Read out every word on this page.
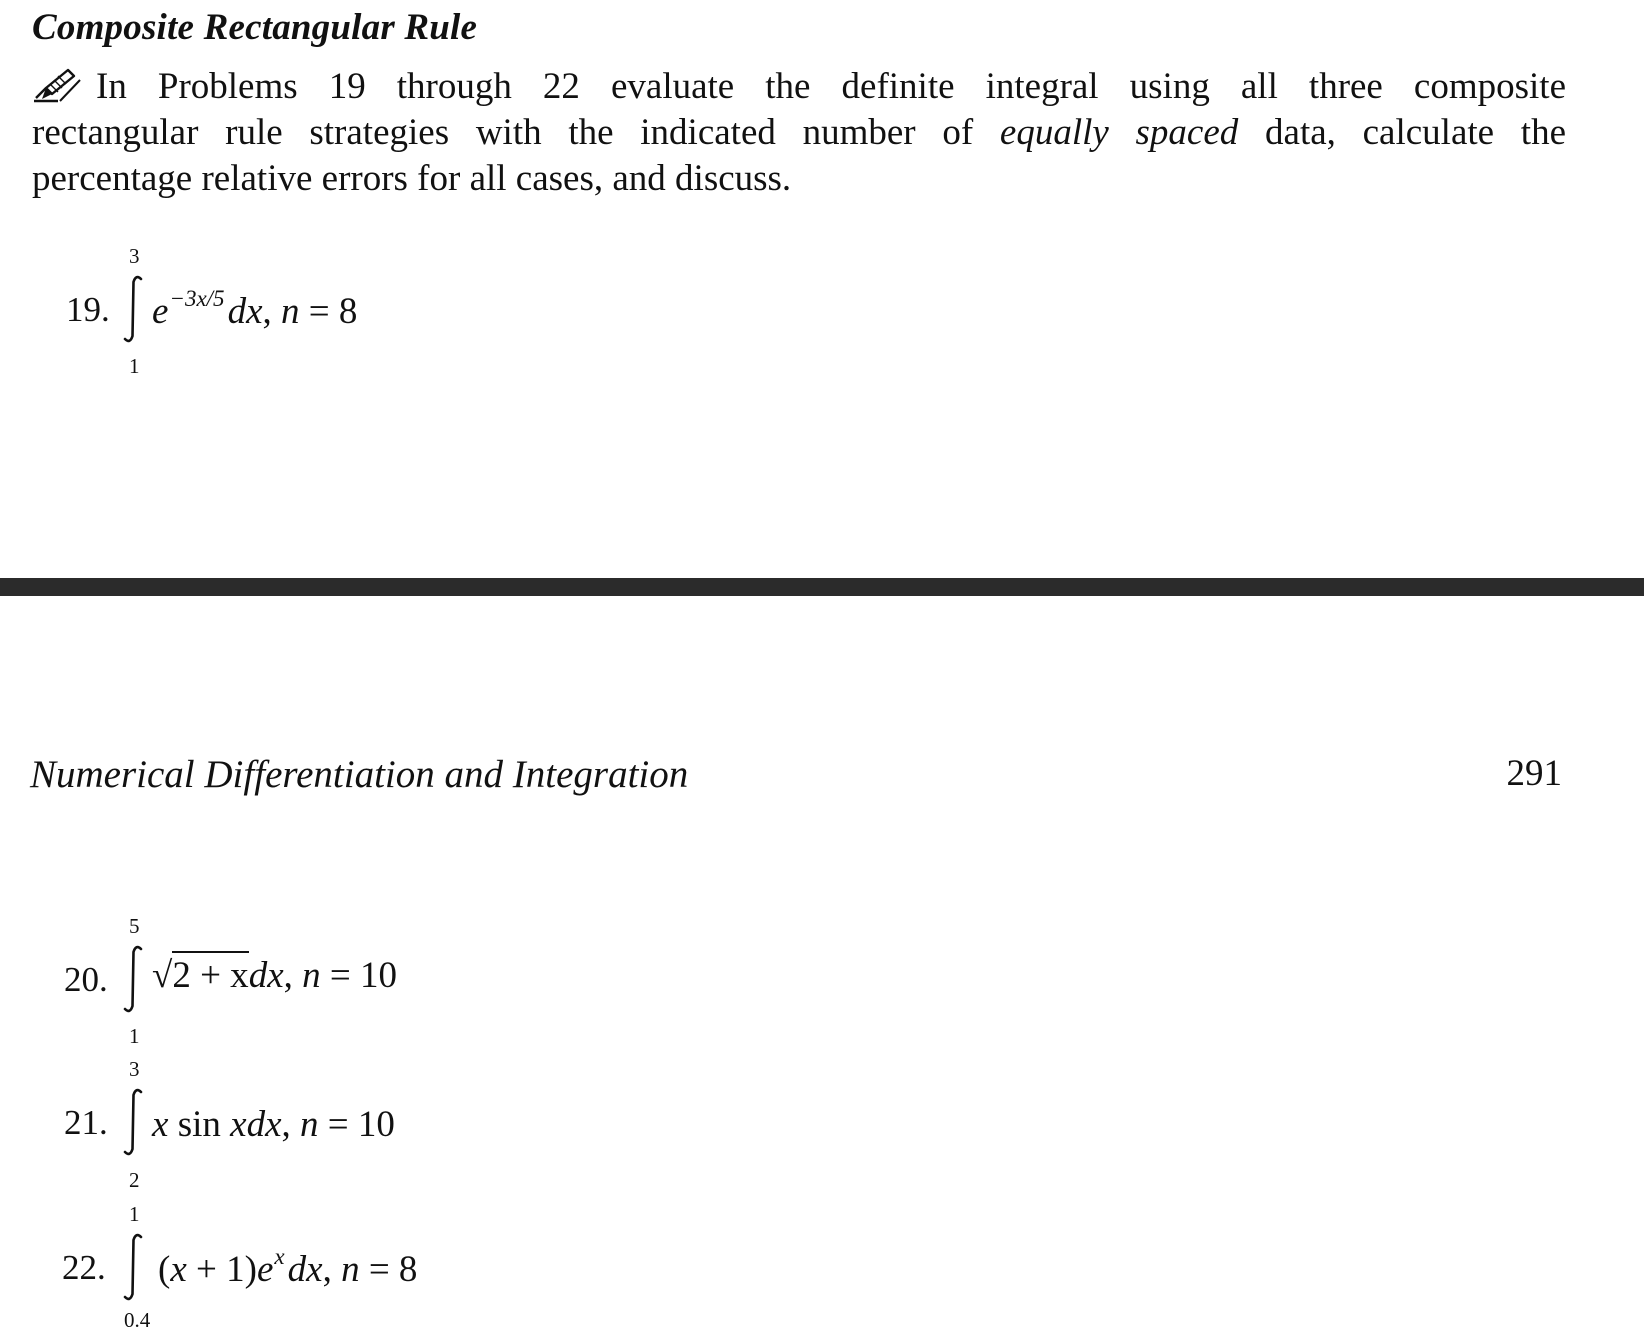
Composite Rectangular Rule
In Problems 19 through 22 evaluate the definite integral using all three composite
rectangular rule strategies with the indicated number of equally spaced data, calculate the
percentage relative errors for all cases, and discuss.
19.
3
1
$e^{-3x/5}dx$, n = 8
Numerical Differentiation and Integration	291
20.
5
1
√2 + xdx, n = 10
21.
3
2
x sin xdx, n = 10
22.
1
0.4
$(x + 1)e^xdx$, n = 8
